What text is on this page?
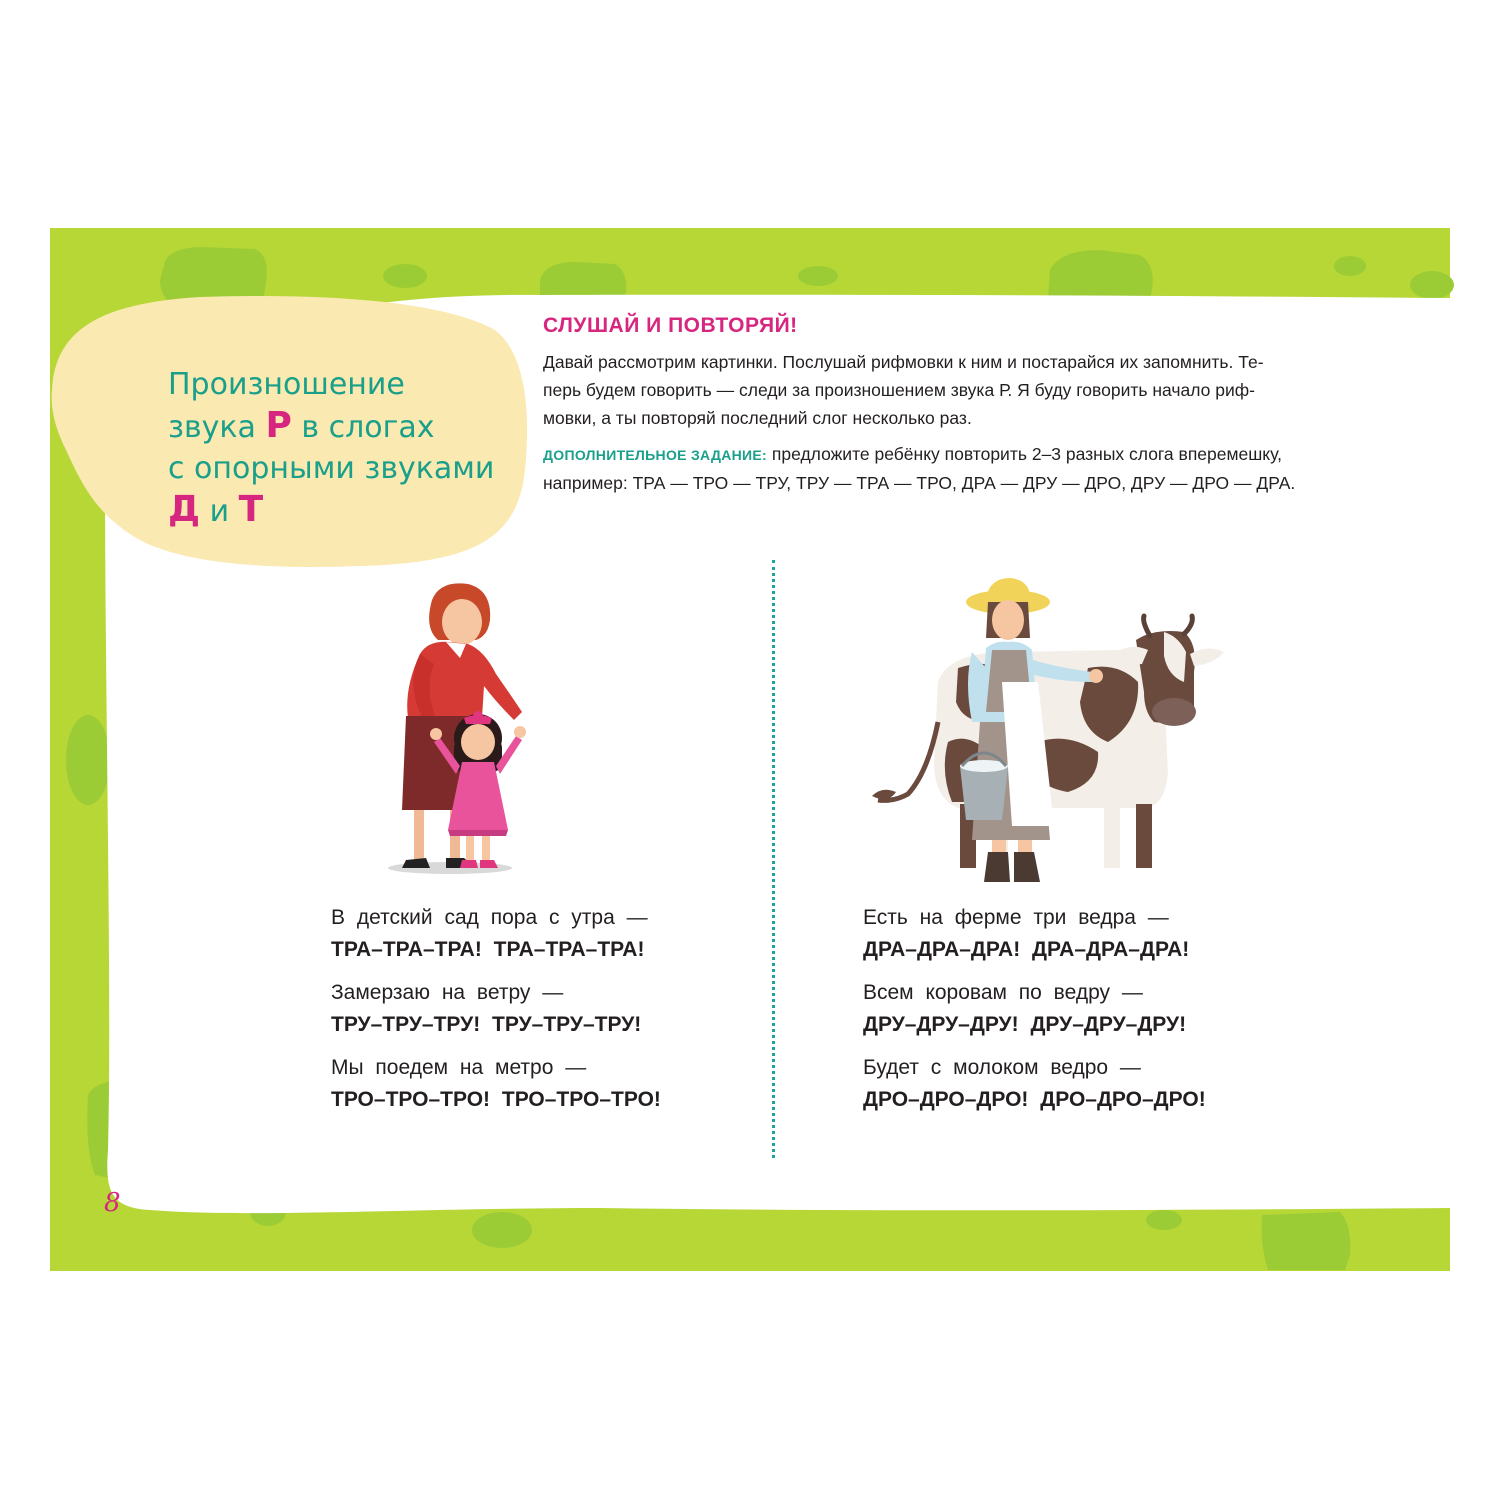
Произношение
звука Р в слогах
с опорными звуками
Д и Т
СЛУШАЙ И ПОВТОРЯЙ!
Давай рассмотрим картинки. Послушай рифмовки к ним и постарайся их запомнить. Те-
перь будем говорить — следи за произношением звука Р. Я буду говорить начало риф-
мовки, а ты повторяй последний слог несколько раз.
ДОПОЛНИТЕЛЬНОЕ ЗАДАНИЕ: предложите ребёнку повторить 2–3 разных слога вперемешку,
например: ТРА — ТРО — ТРУ, ТРУ — ТРА — ТРО, ДРА — ДРУ — ДРО, ДРУ — ДРО — ДРА.
В детский сад пора с утра —
ТРА–ТРА–ТРА! ТРА–ТРА–ТРА!
Замерзаю на ветру —
ТРУ–ТРУ–ТРУ! ТРУ–ТРУ–ТРУ!
Мы поедем на метро —
ТРО–ТРО–ТРО! ТРО–ТРО–ТРО!
Есть на ферме три ведра —
ДРА–ДРА–ДРА! ДРА–ДРА–ДРА!
Всем коровам по ведру —
ДРУ–ДРУ–ДРУ! ДРУ–ДРУ–ДРУ!
Будет с молоком ведро —
ДРО–ДРО–ДРО! ДРО–ДРО–ДРО!
8
